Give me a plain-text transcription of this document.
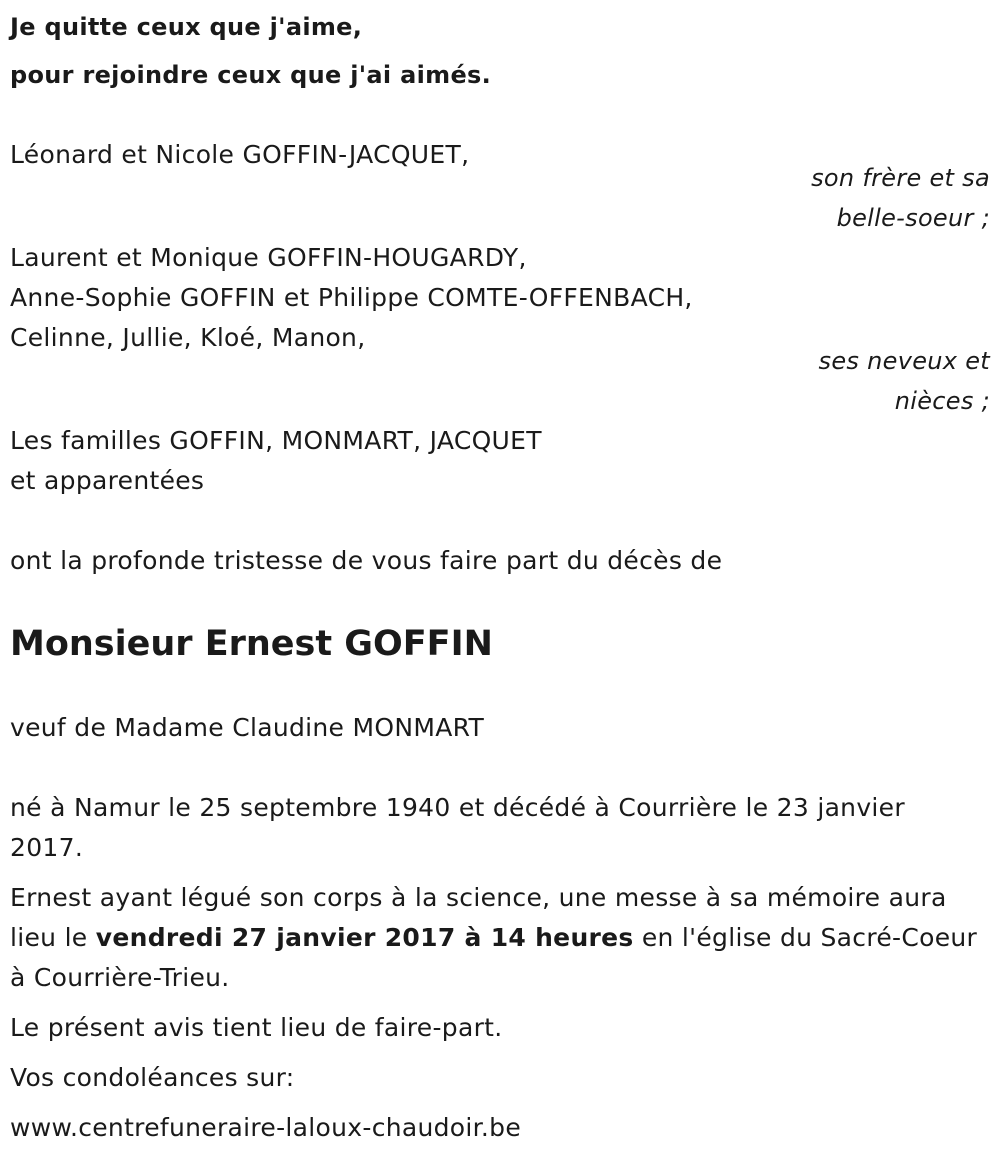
Je quitte ceux que j'aime,
pour rejoindre ceux que j'ai aimés.
Léonard et Nicole GOFFIN-JACQUET,
son frère et sa
belle-soeur ;
Laurent et Monique GOFFIN-HOUGARDY,
Anne-Sophie GOFFIN et Philippe COMTE-OFFENBACH,
Celinne, Jullie, Kloé, Manon,
ses neveux et
nièces ;
Les familles GOFFIN, MONMART, JACQUET
et apparentées
ont la profonde tristesse de vous faire part du décès de
Monsieur Ernest GOFFIN
veuf de Madame Claudine MONMART
né à Namur le 25 septembre 1940 et décédé à Courrière le 23 janvier 2017.
Ernest ayant légué son corps à la science, une messe à sa mémoire aura lieu le vendredi 27 janvier 2017 à 14 heures en l'église du Sacré-Coeur à Courrière-Trieu.
Le présent avis tient lieu de faire-part.
Vos condoléances sur:
www.centrefuneraire-laloux-chaudoir.be
